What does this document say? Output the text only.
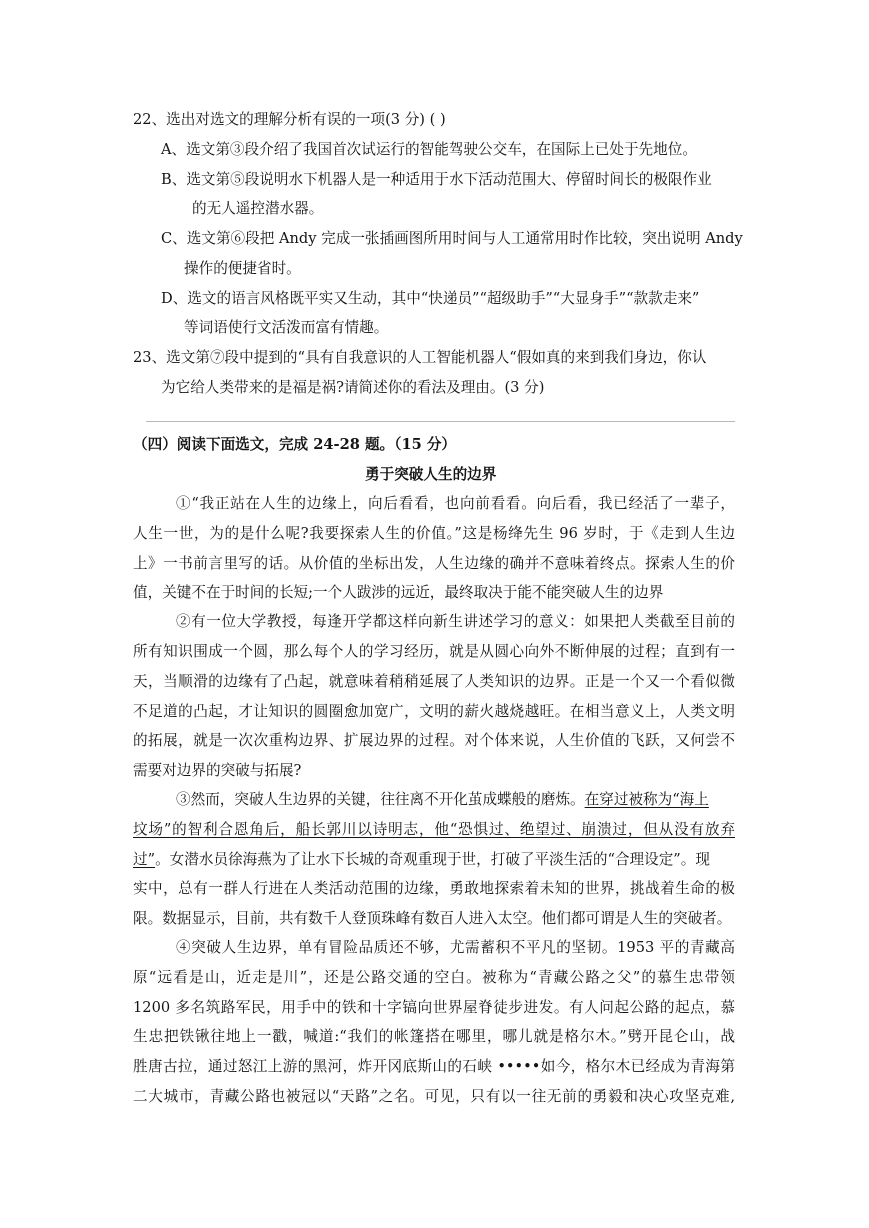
22、选出对选文的理解分析有误的一项(3 分) ( )
A、选文第③段介绍了我国首次试运行的智能驾驶公交车，在国际上已处于先地位。
B、选文第⑤段说明水下机器人是一种适用于水下活动范围大、停留时间长的极限作业
的无人遥控潜水器。
C、选文第⑥段把 Andy 完成一张插画图所用时间与人工通常用时作比较，突出说明 Andy
操作的便捷省时。
D、选文的语言风格既平实又生动，其中“快递员”“超级助手”“大显身手”“款款走来”
等词语使行文活泼而富有情趣。
23、选文第⑦段中提到的“具有自我意识的人工智能机器人“假如真的来到我们身边，你认
为它给人类带来的是福是祸?请简述你的看法及理由。(3 分)
（四）阅读下面选文，完成 24-28 题。（15 分）
勇于突破人生的边界
①“我正站在人生的边缘上，向后看看，也向前看看。向后看，我已经活了一辈子，
人生一世，为的是什么呢?我要探索人生的价值。”这是杨绛先生 96 岁时，于《走到人生边
上》一书前言里写的话。从价值的坐标出发，人生边缘的确并不意味着终点。探索人生的价
值，关键不在于时间的长短;一个人跋涉的远近，最终取决于能不能突破人生的边界
②有一位大学教授，每逢开学都这样向新生讲述学习的意义：如果把人类截至目前的
所有知识围成一个圆，那么每个人的学习经历，就是从圆心向外不断伸展的过程；直到有一
天，当顺滑的边缘有了凸起，就意味着稍稍延展了人类知识的边界。正是一个又一个看似微
不足道的凸起，才让知识的圆圈愈加宽广，文明的薪火越烧越旺。在相当意义上，人类文明
的拓展，就是一次次重构边界、扩展边界的过程。对个体来说，人生价值的飞跃，又何尝不
需要对边界的突破与拓展?
③然而，突破人生边界的关键，往往离不开化茧成蝶般的磨炼。在穿过被称为“海上
坟场”的智利合恩角后，船长郭川以诗明志，他“恐惧过、绝望过、崩溃过，但从没有放弃
过”。女潜水员徐海燕为了让水下长城的奇观重现于世，打破了平淡生活的“合理设定”。现
实中，总有一群人行进在人类活动范围的边缘，勇敢地探索着未知的世界，挑战着生命的极
限。数据显示，目前，共有数千人登顶珠峰有数百人进入太空。他们都可谓是人生的突破者。
④突破人生边界，单有冒险品质还不够，尤需蓄积不平凡的坚韧。1953 平的青藏高
原“远看是山，近走是川”，还是公路交通的空白。被称为“青藏公路之父”的慕生忠带领
1200 多名筑路军民，用手中的铁和十字镐向世界屋脊徒步进发。有人问起公路的起点，慕
生忠把铁锹往地上一戳，喊道:“我们的帐篷搭在哪里，哪儿就是格尔木。”劈开昆仑山，战
胜唐古拉，通过怒江上游的黑河，炸开冈底斯山的石峡 •••••如今，格尔木已经成为青海第
二大城市，青藏公路也被冠以“天路”之名。可见，只有以一往无前的勇毅和决心攻坚克难,
